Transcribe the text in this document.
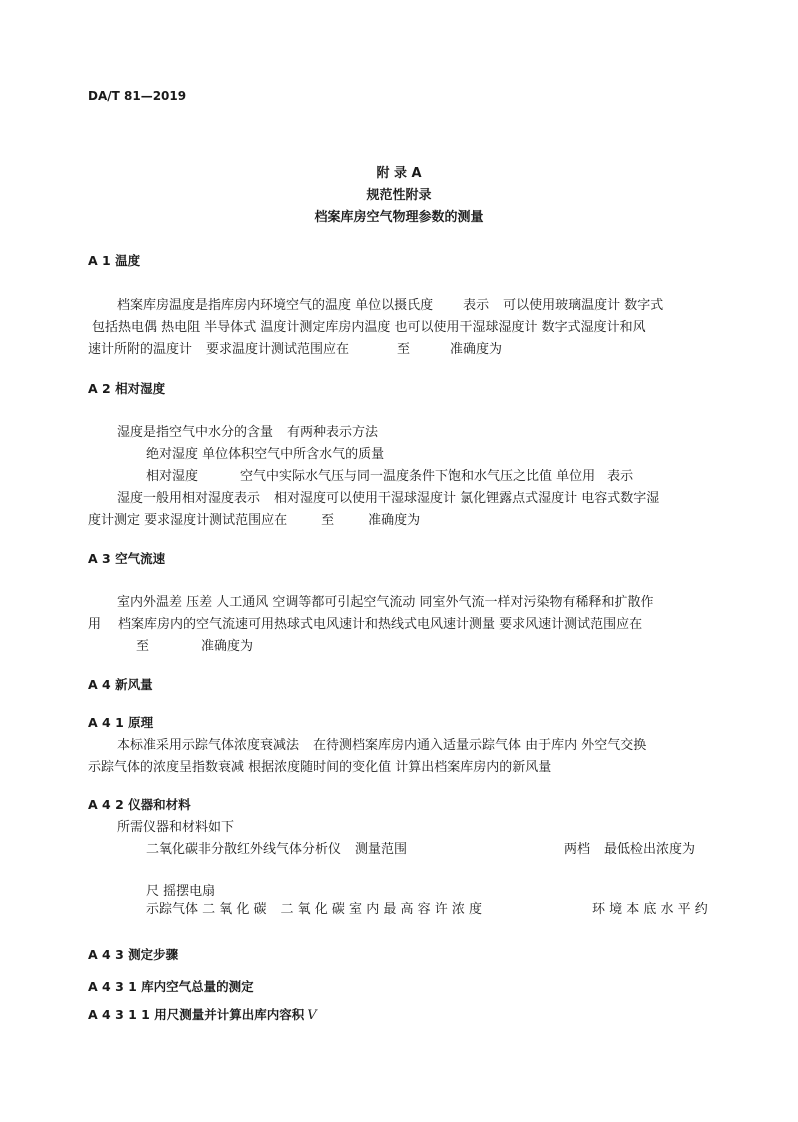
DA/T 81—2019
附 录 A
规范性附录
档案库房空气物理参数的测量
A 1 温度
档案库房温度是指库房内环境空气的温度 单位以摄氏度 表示 可以使用玻璃温度计 数字式
包括热电偶 热电阻 半导体式 温度计测定库房内温度 也可以使用干湿球湿度计 数字式湿度计和风
速计所附的温度计 要求温度计测试范围应在	至	准确度为
A 2 相对湿度
湿度是指空气中水分的含量 有两种表示方法
绝对湿度 单位体积空气中所含水气的质量
相对湿度	空气中实际水气压与同一温度条件下饱和水气压之比值 单位用 表示
湿度一般用相对湿度表示 相对湿度可以使用干湿球湿度计 氯化锂露点式湿度计 电容式数字湿
度计测定 要求湿度计测试范围应在	至	准确度为
A 3 空气流速
室内外温差 压差 人工通风 空调等都可引起空气流动 同室外气流一样对污染物有稀释和扩散作
用 档案库房内的空气流速可用热球式电风速计和热线式电风速计测量 要求风速计测试范围应在
至	准确度为
A 4 新风量
A 4 1 原理
本标准采用示踪气体浓度衰减法 在待测档案库房内通入适量示踪气体 由于库内 外空气交换
示踪气体的浓度呈指数衰减 根据浓度随时间的变化值 计算出档案库房内的新风量
A 4 2 仪器和材料
所需仪器和材料如下
二氧化碳非分散红外线气体分析仪 测量范围	两档 最低检出浓度为
尺 摇摆电扇
示踪气体 二 氧 化 碳 二 氧 化 碳 室 内 最 高 容 许 浓 度	环 境 本 底 水 平 约
A 4 3 测定步骤
A 4 3 1 库内空气总量的测定
A 4 3 1 1 用尺测量并计算出库内容积 V
